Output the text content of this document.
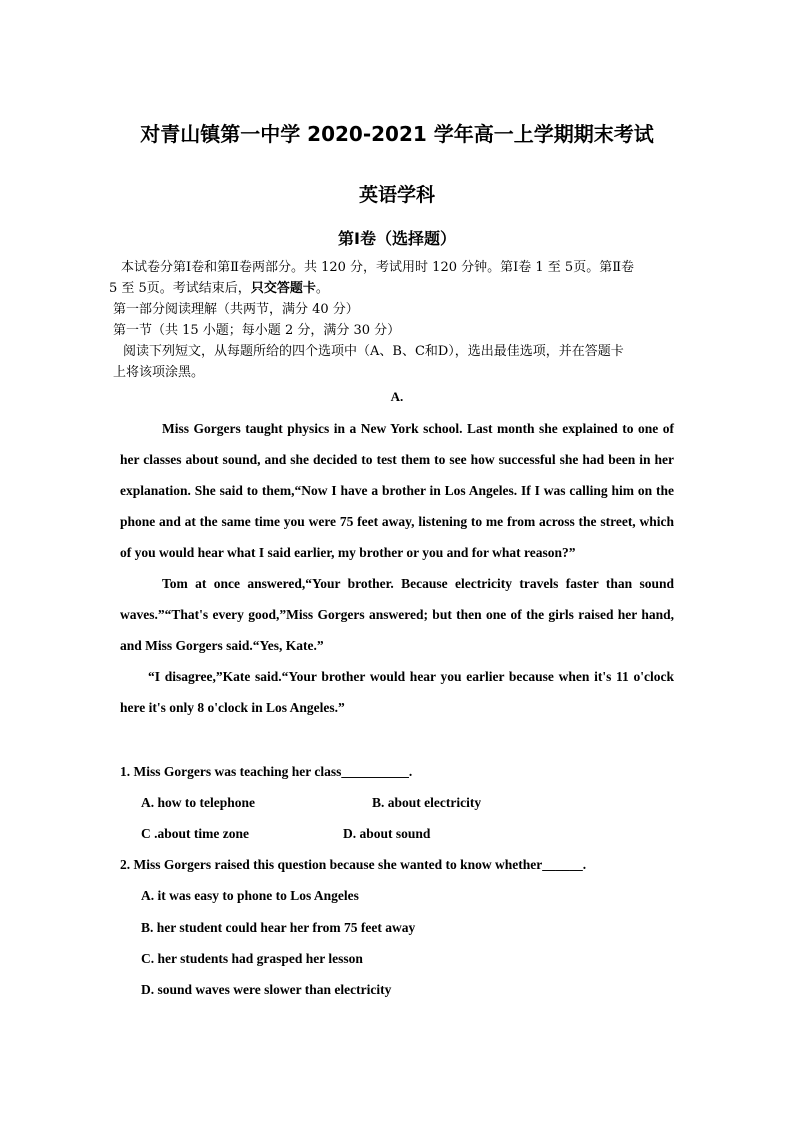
对青山镇第一中学 2020-2021 学年高一上学期期末考试
英语学科
第Ⅰ卷（选择题）
本试卷分第Ⅰ卷和第Ⅱ卷两部分。共 120 分，考试用时 120 分钟。第Ⅰ卷 1 至 5页。第Ⅱ卷
5 至 5页。考试结束后，只交答题卡。
第一部分阅读理解（共两节，满分 40 分）
第一节（共 15 小题；每小题 2 分，满分 30 分）
阅读下列短文，从每题所给的四个选项中（A、B、C和D），选出最佳选项，并在答题卡
上将该项涂黑。
A.

Miss Gorgers taught physics in a New York school. Last month she explained to one of her classes about sound, and she decided to test them to see how successful she had been in her explanation. She said to them,“Now I have a brother in Los Angeles. If I was calling him on the phone and at the same time you were 75 feet away, listening to me from across the street, which of you would hear what I said earlier, my brother or you and for what reason?”

Tom at once answered,“Your brother. Because electricity travels faster than sound waves.”“That's every good,”Miss Gorgers answered; but then one of the girls raised her hand, and Miss Gorgers said.“Yes, Kate.”

“I disagree,”Kate said.“Your brother would hear you earlier because when it's 11 o'clock here it's only 8 o'clock in Los Angeles.”

1. Miss Gorgers was teaching her class__________.
A. how to telephone	B. about electricity
C .about time zone	D. about sound
2. Miss Gorgers raised this question because she wanted to know whether______.
A. it was easy to phone to Los Angeles
B. her student could hear her from 75 feet away
C. her students had grasped her lesson
D. sound waves were slower than electricity
